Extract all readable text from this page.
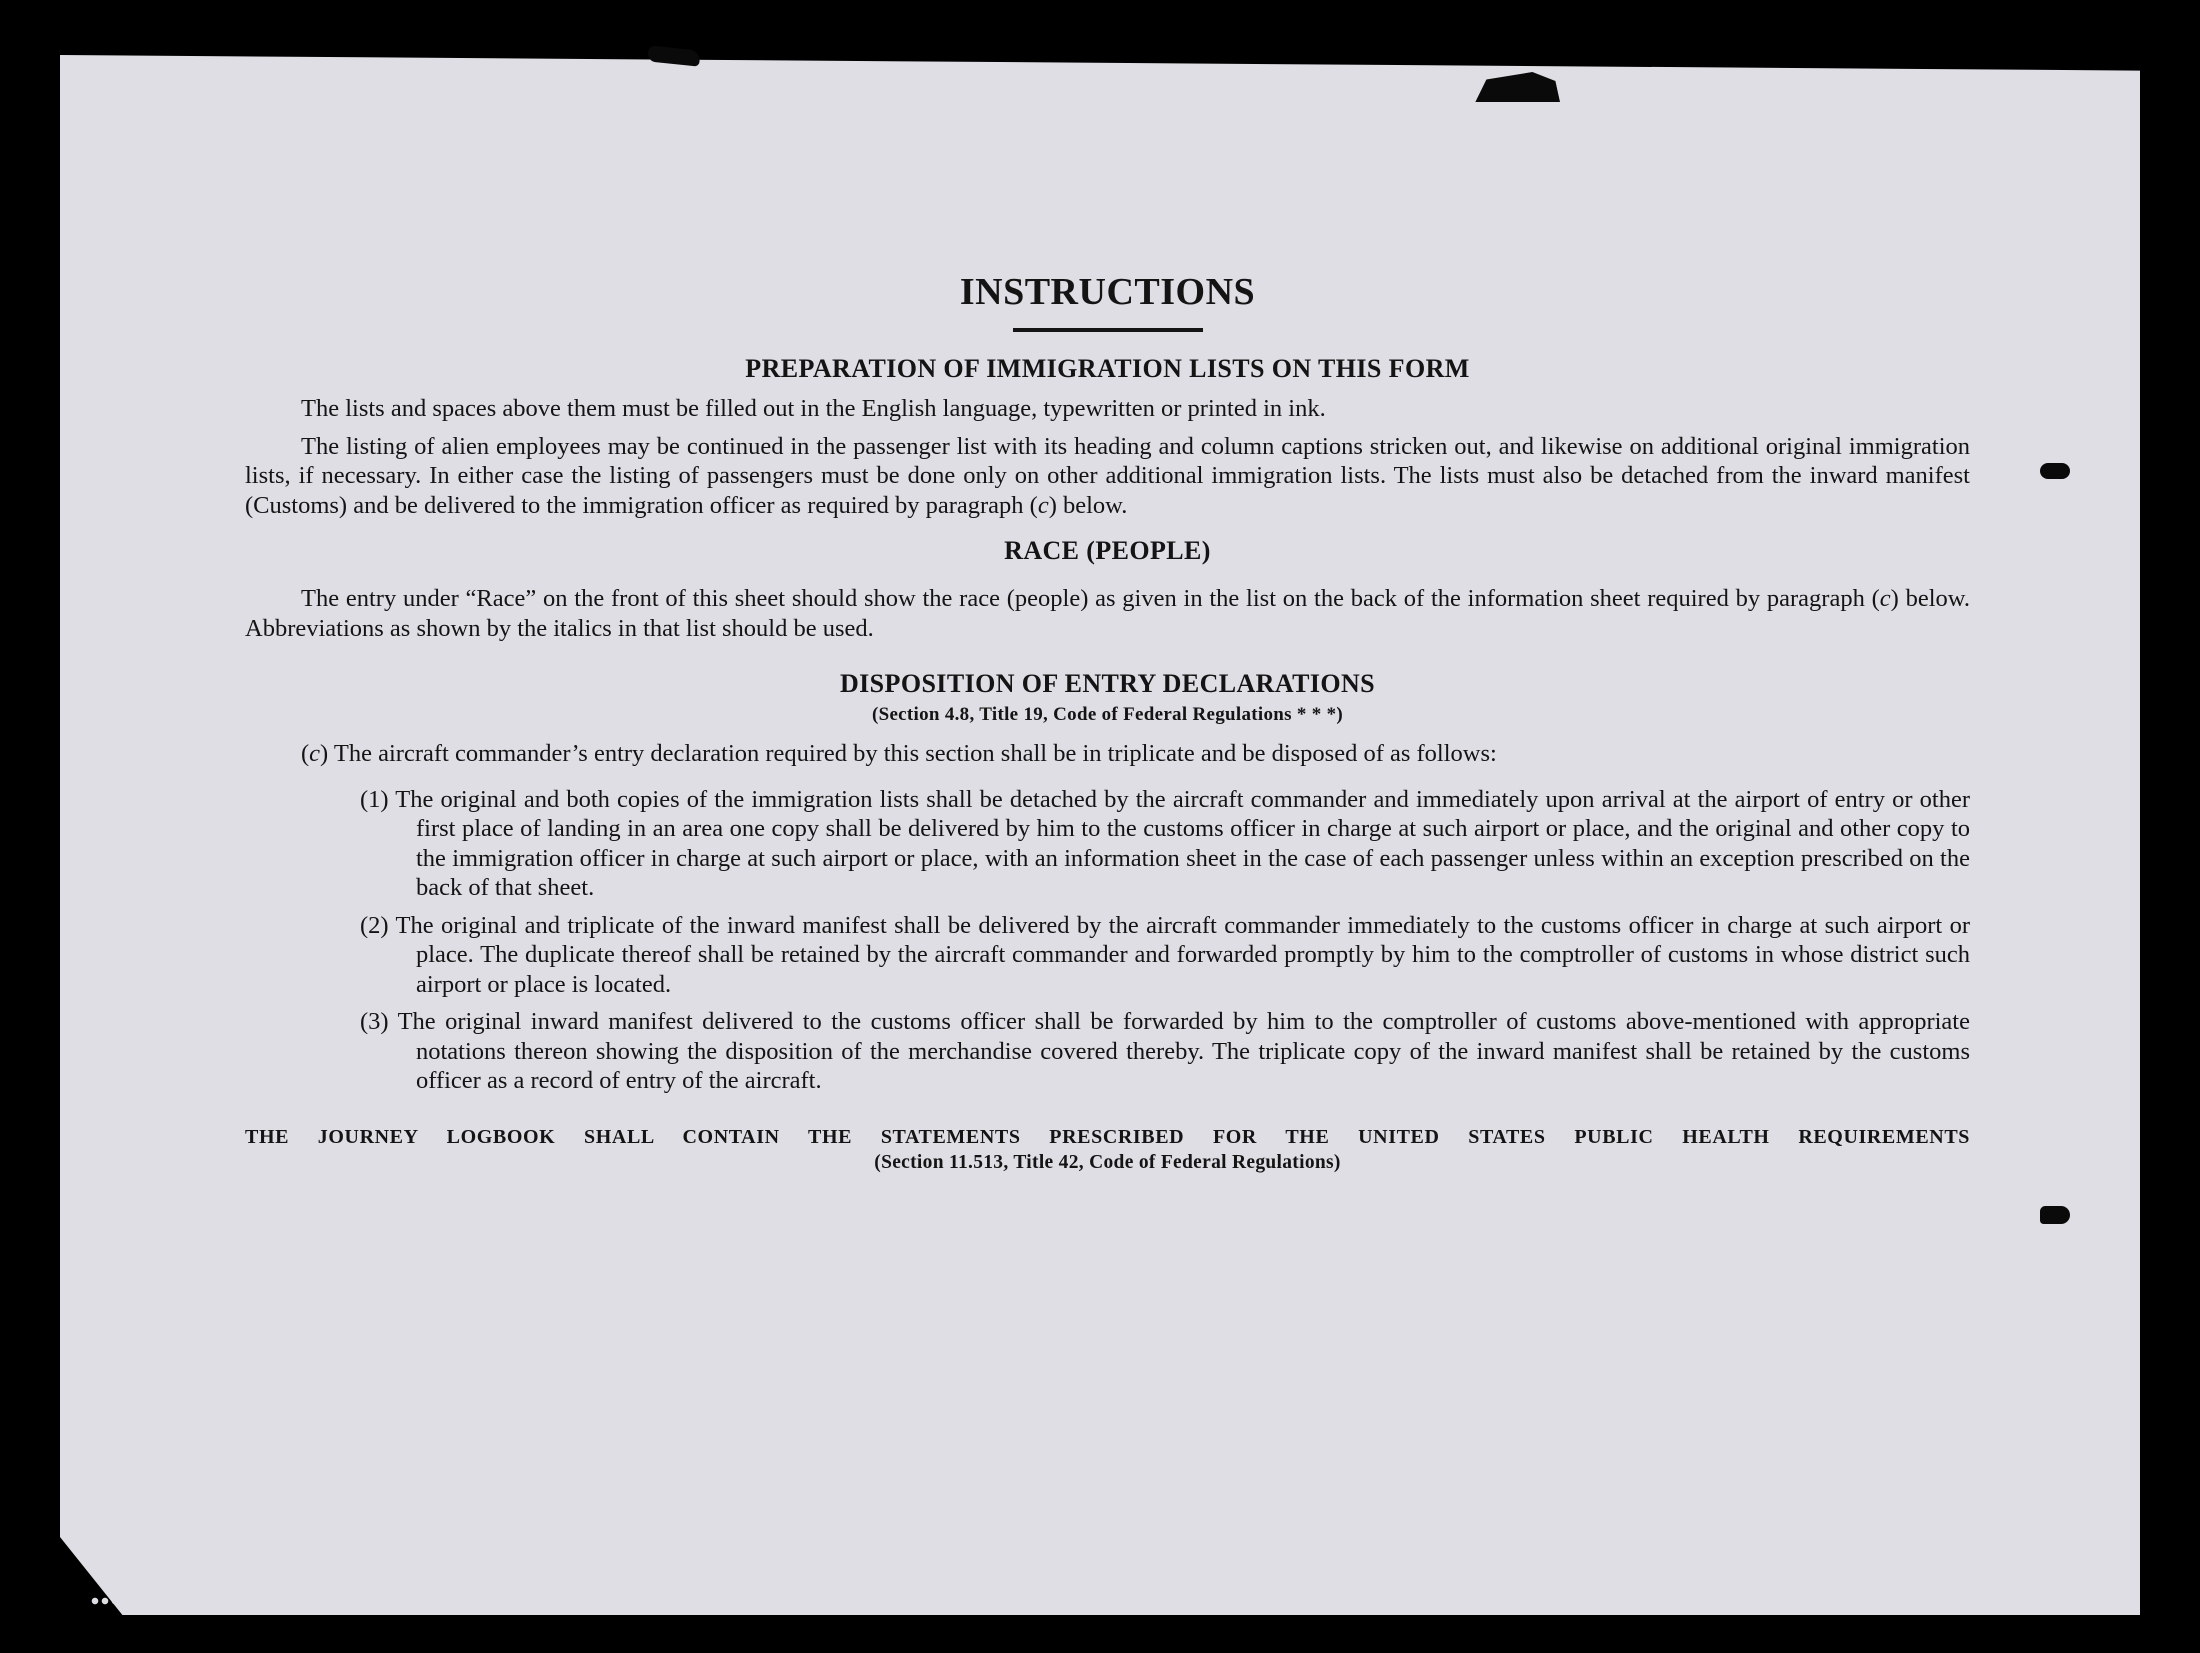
INSTRUCTIONS
PREPARATION OF IMMIGRATION LISTS ON THIS FORM

The lists and spaces above them must be filled out in the English language, typewritten or printed in ink.

The listing of alien employees may be continued in the passenger list with its heading and column captions stricken out, and likewise on additional original immigration lists, if necessary. In either case the listing of passengers must be done only on other additional immigration lists. The lists must also be detached from the inward manifest (Customs) and be delivered to the immigration officer as required by paragraph (c) below.

RACE (PEOPLE)

The entry under “Race” on the front of this sheet should show the race (people) as given in the list on the back of the information sheet required by paragraph (c) below. Abbreviations as shown by the italics in that list should be used.

DISPOSITION OF ENTRY DECLARATIONS

(Section 4.8, Title 19, Code of Federal Regulations * * *)

(c) The aircraft commander’s entry declaration required by this section shall be in triplicate and be disposed of as follows:

(1) The original and both copies of the immigration lists shall be detached by the aircraft commander and immediately upon arrival at the airport of entry or other first place of landing in an area one copy shall be delivered by him to the customs officer in charge at such airport or place, and the original and other copy to the immigration officer in charge at such airport or place, with an information sheet in the case of each passenger unless within an exception prescribed on the back of that sheet.

(2) The original and triplicate of the inward manifest shall be delivered by the aircraft commander immediately to the customs officer in charge at such airport or place. The duplicate thereof shall be retained by the aircraft commander and forwarded promptly by him to the comptroller of customs in whose district such airport or place is located.

(3) The original inward manifest delivered to the customs officer shall be forwarded by him to the comptroller of customs above-mentioned with appropriate notations thereon showing the disposition of the merchandise covered thereby. The triplicate copy of the inward manifest shall be retained by the customs officer as a record of entry of the aircraft.

THE JOURNEY LOGBOOK SHALL CONTAIN THE STATEMENTS PRESCRIBED FOR THE UNITED STATES PUBLIC HEALTH REQUIREMENTS

(Section 11.513, Title 42, Code of Federal Regulations)
